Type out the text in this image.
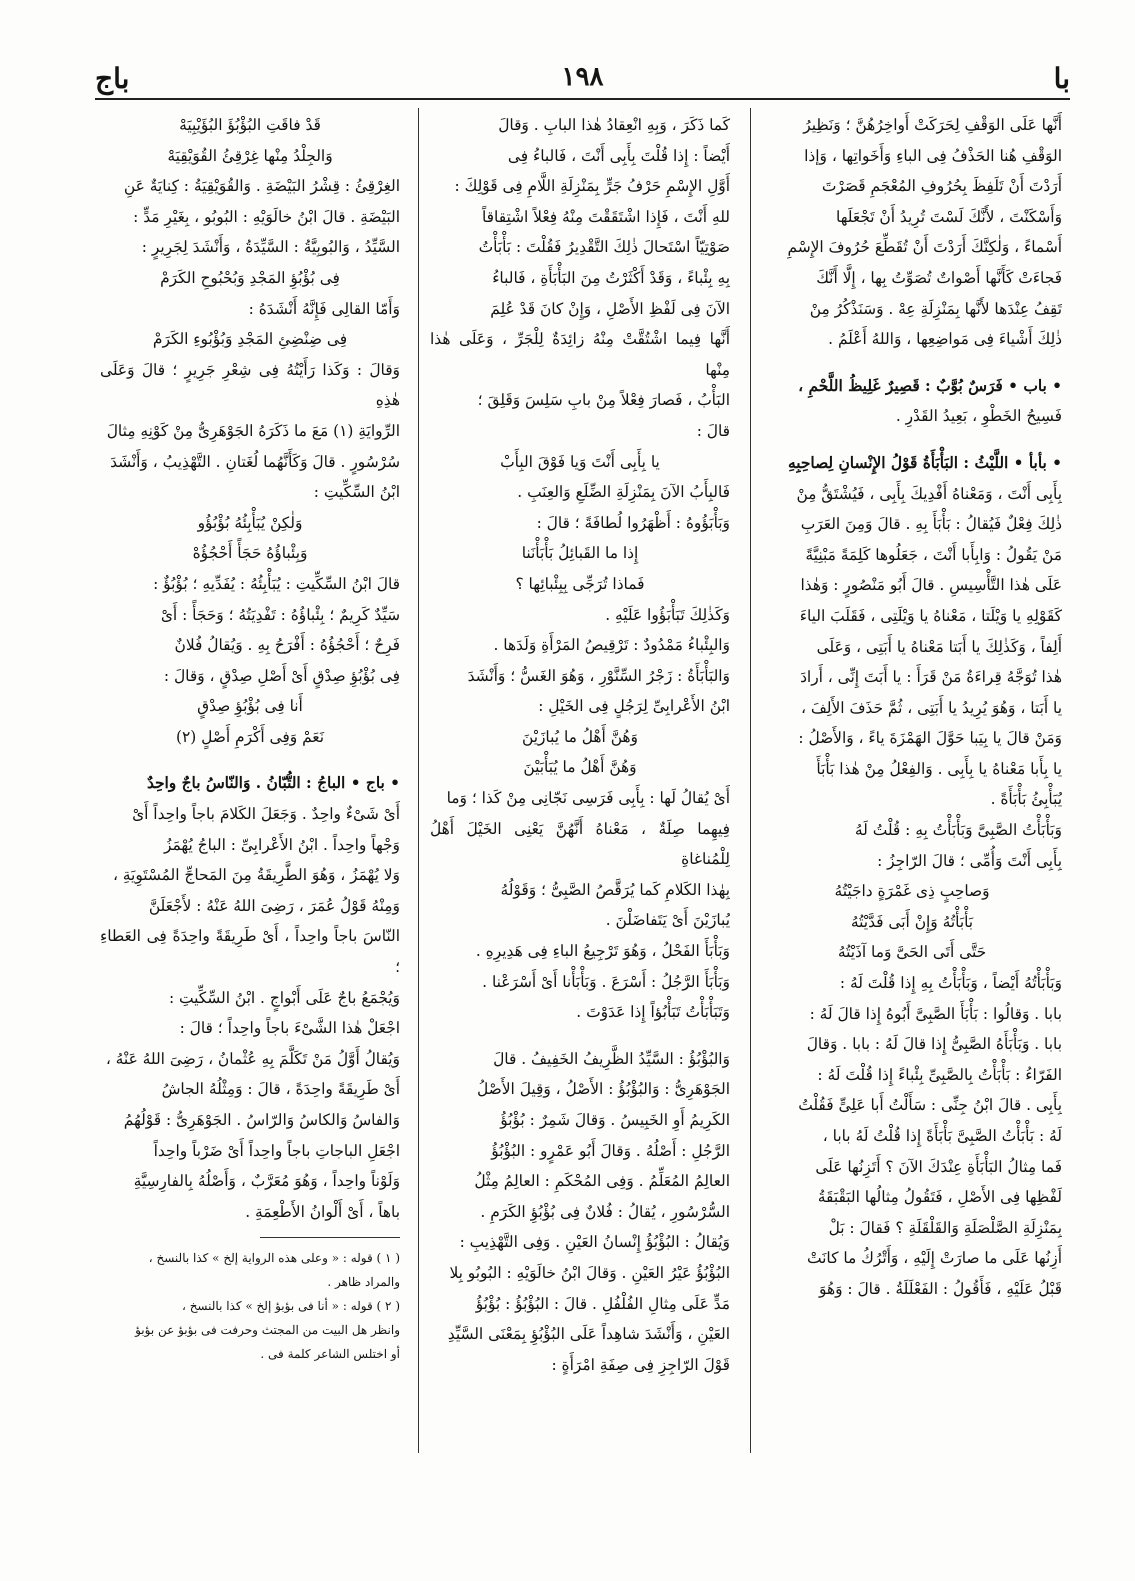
با
١٩٨
باج

أَنَّها عَلَى الوَقْفِ لِحَرَكَتْ أَواخِرُهُنَّ ؛ وَنَظِيرُ

الوَقْفِ هُنا الحَذْفُ فِى الباءِ وَأَخَواتِها ، وَإذا

أَرَدْتَ أَنْ تَلَفِظَ بِحُرُوفِ المُعْجَمِ قَصَرْتَ

وَأَسْكَنْتَ ، لأَنَّكَ لَسْتَ تُرِيدُ أَنْ تَجْعَلَها

أَسْماءً ، وَلٰكِنَّكَ أَرَدْتَ أَنْ تُقَطِّعَ حُرُوفَ الإِسْمِ

فَجاءَتْ كَأَنَّها أَصْواتٌ تُصَوِّتُ بِها ، إِلَّا أَنَّكَ

تَقِفُ عِنْدَها لأَنَّها بِمَنْزِلَةِ عِهْ . وَسَنَذْكُرُ مِنْ

ذٰلِكَ أَشْياءَ فِى مَواضِعِها ، وَاللهُ أَعْلَمُ .

• باب • فَرَسٌ بُوَّبٌ : قَصِيرٌ غَلِيظُ اللَّحْمِ ،

فَسِيحُ الخَطْوِ ، بَعِيدُ القَدْرِ .

• بأبأ • اللَّيْثُ : البَأْبَأَةُ قَوْلُ الإِنْسانِ لِصاحِبِهِ

بِأَبِى أَنْتَ ، وَمَعْناهُ أَفْدِيكَ بِأَبِى ، فَيُشْتَقُّ مِنْ

ذٰلِكَ فِعْلٌ فَيُقالُ : بَأْبَأَ بِهِ . قالَ وَمِنَ العَرَبِ

مَنْ يَقُولُ : وَابِأَبا أَنْتَ ، جَعَلُوها كَلِمَةً مَبْنِيَّةً

عَلَى هٰذا التَّأْسِيسِ . قالَ أَبُو مَنْصُورٍ : وَهٰذا

كَقَوْلِهِ يا وَيْلَتا ، مَعْناهُ يا وَيْلَتِى ، فَقَلَبَ الياءَ

أَلِفاً ، وَكَذٰلِكَ يا أَبَتا مَعْناهُ يا أَبَتِى ، وَعَلَى

هٰذا تُوَجَّهُ قِراءَةُ مَنْ قَرَأَ : يا أَبَتَ إِنِّى ، أَرادَ

يا أَبَتا ، وَهُوَ يُرِيدُ يا أَبَتِى ، ثُمَّ حَذَفَ الأَلِفَ ،

وَمَنْ قالَ يا بِيَبا حَوَّلَ الهَمْزَةَ ياءً ، وَالأَصْلُ :

يا بِأَبا مَعْناهُ يا بِأَبِى . وَالفِعْلُ مِنْ هٰذا بَأْبَأَ

يُبَأْبِئُ بَأْبَأَةً .

وَبَأْبَأْتُ الصَّبِىَّ وَبَأْبَأْتُ بِهِ : قُلْتُ لَهُ

بِأَبِى أَنْتَ وَأُمِّى ؛ قالَ الرّاجِزُ :

وَصاحِبٍ ذِى غَمْرَةٍ داجَيْتُهُ

بَأْبَأْتُهُ وَإِنْ أَبَى فَدَّيْتُهُ

حَتَّى أَتَى الحَىَّ وَما آذَيْتُهُ

وَبَأْبَأْتُهُ أَيْضاً ، وَبَأْبَأْتُ بِهِ إِذا قُلْتَ لَهُ :

بابا . وَقالُوا : بَأْبَأَ الصَّبِىَّ أَبُوهُ إِذا قالَ لَهُ :

بابا . وَبَأْبَأَهُ الصَّبِىُّ إِذا قالَ لَهُ : بابا . وَقالَ

الفَرّاءُ : بَأْبَأْتُ بِالصَّبِىِّ بِئْباءً إِذا قُلْتَ لَهُ :

بِأَبِى . قالَ ابْنُ جِنِّى : سَأَلْتُ أَبا عَلِىٍّ فَقُلْتُ

لَهُ : بَأْبَأْتُ الصَّبِىَّ بَأْبَأَةً إِذا قُلْتُ لَهُ بابا ،

فَما مِثالُ البَأْبَأَةِ عِنْدَكَ الآنَ ؟ أَتَزِنُها عَلَى

لَفْظِها فِى الأَصْلِ ، فَتَقُولُ مِثالُها البَقْبَقَةُ

بِمَنْزِلَةِ الصَّلْصَلَةِ وَالقَلْقَلَةِ ؟ فَقالَ : بَلْ

أَزِنُها عَلَى ما صارَتْ إِلَيْهِ ، وَأَتْرُكُ ما كانَتْ

قَبْلُ عَلَيْهِ ، فَأَقُولُ : الفَعْلَلَةُ . قالَ : وَهُوَ

كَما ذَكَرَ ، وَبِهِ انْعِقادُ هٰذا البابِ . وَقالَ

أَيْضاً : إِذا قُلْتَ بِأَبِى أَنْتَ ، فَالباءُ فِى

أَوَّلِ الإِسْمِ حَرْفُ جَرٍّ بِمَنْزِلَةِ اللَّامِ فِى قَوْلِكَ :

للهِ أَنْتَ ، فَإِذا اشْتَقَقْتَ مِنْهُ فِعْلاً اشْتِقاقاً

صَوْتِيّاً اسْتَحالَ ذٰلِكَ التَّقْدِيرُ فَقُلْتَ : بَأْبَأْتُ

بِهِ بِئْباءً ، وَقَدْ أَكْثَرْتُ مِنَ البَأْبَأَةِ ، فَالباءُ

الآنَ فِى لَفْظِ الأَصْلِ ، وَإِنْ كانَ قَدْ عُلِمَ

أَنَّها فِيما اشْتُقَّتْ مِنْهُ زائِدَةٌ لِلْجَرِّ ، وَعَلَى هٰذا مِنْها

البَأْبُ ، فَصارَ فِعْلاً مِنْ بابِ سَلِسَ وَقَلِقَ ؛

قالَ :

يا بِأَبِى أَنْتَ وَيا فَوْقَ البِأَبْ

فَالبِأَبُ الآنَ بِمَنْزِلَةِ الضِّلَعِ وَالعِنَبِ .

وَبَأْبَؤُوهُ : أَظْهَرُوا لُطافَةً ؛ قالَ :

إِذا ما القَبائِلُ بَأْبَأْنَنا

فَماذا تُرَجِّى بِبِئْبائِها ؟

وَكَذٰلِكَ تَبَأْبَؤُوا عَلَيْهِ .

وَالبِئْباءُ مَمْدُودٌ : تَرْقِيصُ المَرْأَةِ وَلَدَها .

وَالبَأْبَأَةُ : زَجْرُ السِّنَّوْرِ ، وَهُوَ الغَسُّ ؛ وَأَنْشَدَ

ابْنُ الأَعْرابِىِّ لِرَجُلٍ فِى الخَيْلِ :

وَهُنَّ أَهْلُ ما يُبازَيْنَ

وَهُنَّ أَهْلُ ما يُبَأْبَيْنَ

أَىْ يُقالُ لَها : بِأَبِى فَرَسِى نَجّانِى مِنْ كَذا ؛ وَما

فِيهِما صِلَةٌ ، مَعْناهُ أَنَّهُنَّ يَعْنِى الخَيْلَ أَهْلُ لِلْمُناغاةِ

بِهٰذا الكَلامِ كَما يُرَقَّصُ الصَّبِىُّ ؛ وَقَوْلُهُ

يُبازَيْنَ أَىْ يَتَفاضَلْنَ .

وَبَأْبَأَ الفَحْلُ ، وَهُوَ تَرْجِيعُ الباءِ فِى هَدِيرِهِ .

وَبَأْبَأَ الرَّجُلُ : أَسْرَعَ . وَبَأْبَأْنا أَىْ أَسْرَعْنا .

وَتَبَأْبَأْتُ تَبَأْبُؤاً إِذا عَدَوْتَ .

وَالبُؤْبُؤُ : السَّيِّدُ الظَّرِيفُ الخَفِيفُ . قالَ

الجَوْهَرِىُّ : وَالبُؤْبُؤُ : الأَصْلُ ، وَقِيلَ الأَصْلُ

الكَرِيمُ أَوِ الخَبِيسُ . وَقالَ شَمِرٌ : بُؤْبُؤُ

الرَّجُلِ : أَصْلُهُ . وَقالَ أَبُو عَمْرٍو : البُؤْبُؤُ

العالِمُ المُعَلِّمُ . وَفِى المُحْكَمِ : العالِمُ مِثْلُ

السُّرْسُورِ ، يُقالُ : فُلانٌ فِى بُؤْبُؤِ الكَرَمِ .

وَيُقالُ : البُؤْبُؤُ إِنْسانُ العَيْنِ . وَفِى التَّهْذِيبِ :

البُؤْبُؤُ عَيْرُ العَيْنِ . وَقالَ ابْنُ خالَوَيْهِ : البُوبُو بِلا

مَدٍّ عَلَى مِثالِ الفُلْفُلِ . قالَ : البُؤْبُؤُ : بُؤْبُؤُ

العَيْنِ ، وَأَنْشَدَ شاهِداً عَلَى البُؤْبُؤِ بِمَعْنَى السَّيِّدِ

قَوْلَ الرّاجِزِ فِى صِفَةِ امْرَأَةٍ :

قَدْ فاقَتِ البُؤْبُؤَ البُؤَيْبِيَهْ

وَالجِلْدُ مِنْها غِرْقِئُ القُوَيْقِيَهْ

الغِرْقِئُ : قِشْرُ البَيْضَةِ . وَالقُوَيْقِيَةُ : كِنايَةٌ عَنِ

البَيْضَةِ . قالَ ابْنُ خالَوَيْهِ : البُوبُو ، بِغَيْرِ مَدٍّ :

السَّيِّدُ ، وَالبُوبِيَّةُ : السَّيِّدَةُ ، وَأَنْشَدَ لِجَرِيرٍ :

فِى بُؤْبُؤِ المَجْدِ وَبُحْبُوحِ الكَرَمْ

وَأَمّا القالِى فَإِنَّهُ أَنْشَدَهُ :

فِى ضِنْضِئِ المَجْدِ وَبُؤْبُوءِ الكَرَمْ

وَقالَ : وَكَذا رَأَيْتُهُ فِى شِعْرِ جَرِيرٍ ؛ قالَ وَعَلَى هٰذِهِ

الرِّوايَةِ (١) مَعَ ما ذَكَرَهُ الجَوْهَرِىُّ مِنْ كَوْنِهِ مِثالَ

سُرْسُورٍ . قالَ وَكَأَنَّهُما لُغَتانِ . التَّهْذِيبُ ، وَأَنْشَدَ

ابْنُ السِّكِّيتِ :

وَلٰكِنْ يُبَأْبِئُهُ بُؤْبُؤُو

وَبِئْباؤُهُ حَجَأً أَحْجُؤُهْ

قالَ ابْنُ السِّكِّيتِ : يُبَأْبِئُهُ : يُفَدِّيهِ ؛ بُؤْبُؤٌ :

سَيِّدٌ كَرِيمٌ ؛ بِئْباؤُهُ : تَفْدِيَتُهُ ؛ وَحَجَأً : أَىْ

فَرِحٌ ؛ أَحْجُؤُهُ : أَفْرَحُ بِهِ . وَيُقالُ فُلانٌ

فِى بُؤْبُؤِ صِدْقٍ أَىْ أَصْلِ صِدْقٍ ، وَقالَ :

أَنا فِى بُؤْبُؤِ صِدْقٍ

نَعَمْ وَفِى أَكْرَمِ أَصْلٍ (٢)

• باج • الباجُ : التُّبّانُ . وَالنّاسُ باجٌ واحِدٌ

أَىْ شَىْءٌ واحِدٌ . وَجَعَلَ الكَلامَ باجاً واحِداً أَىْ

وَجْهاً واحِداً . ابْنُ الأَعْرابِىِّ : الباجُ يُهْمَزُ

وَلا يُهْمَزُ ، وَهُوَ الطَّرِيقَةُ مِنَ المَحاجِّ المُسْتَوِيَةِ ،

وَمِنْهُ قَوْلُ عُمَرَ ، رَضِىَ اللهُ عَنْهُ : لأَجْعَلَنَّ

النّاسَ باجاً واحِداً ، أَىْ طَرِيقَةً واحِدَةً فِى العَطاءِ ؛

وَيُجْمَعُ باجٌ عَلَى أَبْواجٍ . ابْنُ السِّكِّيتِ :

اجْعَلْ هٰذا الشَّىْءَ باجاً واحِداً ؛ قالَ :

وَيُقالُ أَوَّلُ مَنْ تَكَلَّمَ بِهِ عُثْمانُ ، رَضِىَ اللهُ عَنْهُ ،

أَىْ طَرِيقَةً واحِدَةً ، قالَ : وَمِثْلُهُ الجاشُ

وَالفاسُ وَالكاسُ وَالرّاسُ . الجَوْهَرِىُّ : قَوْلُهُمُ

اجْعَلِ الباجاتِ باجاً واحِداً أَىْ ضَرْباً واحِداً

وَلَوْناً واحِداً ، وَهُوَ مُعَرَّبٌ ، وَأَصْلُهُ بِالفارِسِيَّةِ

باهاً ، أَىْ أَلْوانُ الأَطْعِمَةِ .

( ١ ) قوله : « وعلى هذه الرواية إلخ » كذا بالنسخ ،

والمراد ظاهر .

( ٢ ) قوله : « أنا فى بؤبؤ إلخ » كذا بالنسخ ،

وانظر هل البيت من المجتث وحرفت فى بؤبؤ عن بؤبؤ

أو اختلس الشاعر كلمة فى .
